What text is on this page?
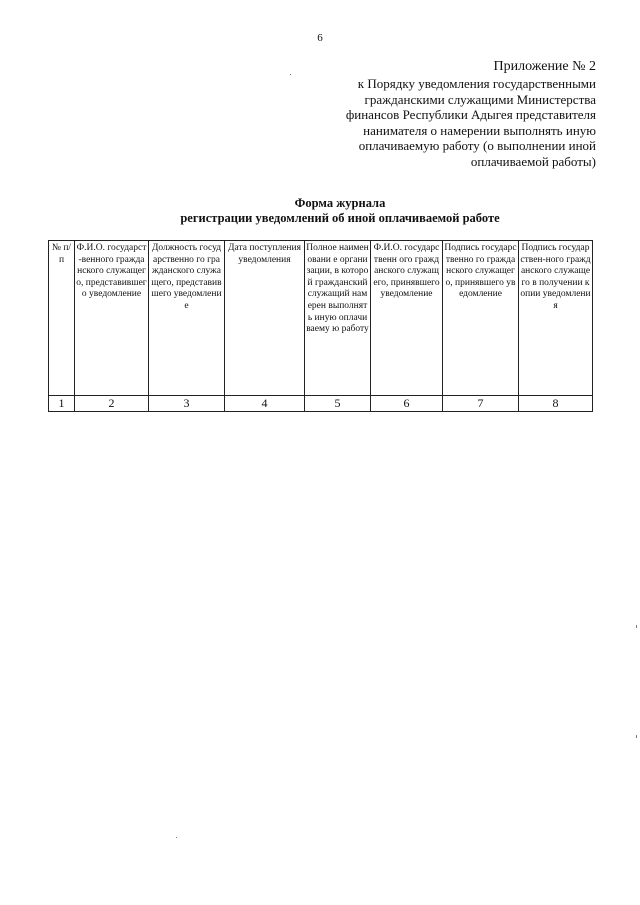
6
Приложение № 2
к Порядку уведомления государственными
гражданскими служащими Министерства
финансов Республики Адыгея представителя
нанимателя о намерении выполнять иную
оплачиваемую работу (о выполнении иной
оплачиваемой работы)
Форма журнала
регистрации уведомлений об иной оплачиваемой работе
№ п/п	Ф.И.О. государст-венного гражданского служащего, представившего уведомление	Должность государственно го гражданского служащего, представившего уведомление	Дата поступления уведомления	Полное наименовани е организации, в которой гражданский служащий намерен выполнять иную оплачиваему ю работу	Ф.И.О. государственн ого гражданского служащего, принявшего уведомление	Подпись государственно го гражданского служащего, принявшего уведомление	Подпись государствен-ного гражданского служащего в получении копии уведомления
1	2	3	4	5	6	7	8
